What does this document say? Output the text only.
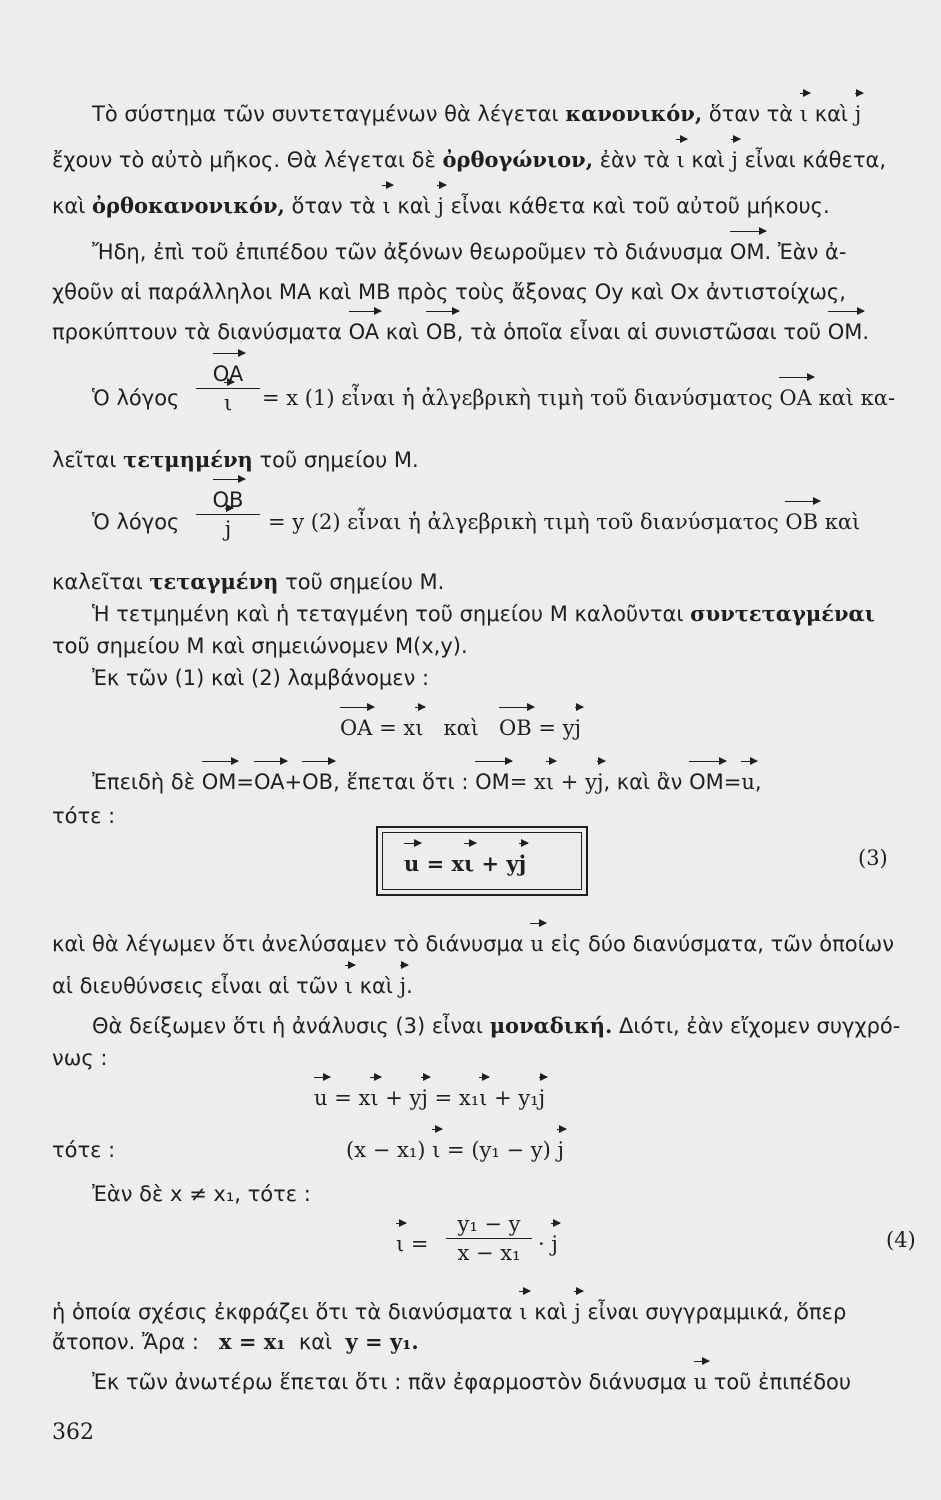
Τὸ σύστημα τῶν συντεταγμένων θὰ λέγεται κανονικόν, ὅταν τὰ ι καὶ j
ἔχουν τὸ αὐτὸ μῆκος. Θὰ λέγεται δὲ ὀρθογώνιον, ἐὰν τὰ ι καὶ j εἶναι κάθετα,
καὶ ὀρθοκανονικόν, ὅταν τὰ ι καὶ j εἶναι κάθετα καὶ τοῦ αὐτοῦ μήκους.
Ἤδη, ἐπὶ τοῦ ἐπιπέδου τῶν ἀξόνων θεωροῦμεν τὸ διάνυσμα OM. Ἐὰν ἀ-
χθοῦν αἱ παράλληλοι MA καὶ MB πρὸς τοὺς ἄξονας Oy καὶ Ox ἀντιστοίχως,
προκύπτουν τὰ διανύσματα OA καὶ OB, τὰ ὁποῖα εἶναι αἱ συνιστῶσαι τοῦ OM.
Ὁ λόγος
OA
ι	= x (1) εἶναι ἡ ἀλγεβρικὴ τιμὴ τοῦ διανύσματος OA καὶ κα-
λεῖται τετμημένη τοῦ σημείου M.
Ὁ λόγος
OB
j	= y (2) εἶναι ἡ ἀλγεβρικὴ τιμὴ τοῦ διανύσματος OB καὶ
καλεῖται τεταγμένη τοῦ σημείου M.
Ἡ τετμημένη καὶ ἡ τεταγμένη τοῦ σημείου M καλοῦνται συντεταγμέναι
τοῦ σημείου M καὶ σημειώνομεν M(x,y).
Ἐκ τῶν (1) καὶ (2) λαμβάνομεν :
OA = xι καὶ OB = yj
Ἐπειδὴ δὲ OM=OA+OB, ἕπεται ὅτι : OM= xι + yj, καὶ ἂν OM=u,
τότε :
u = xι + yj	(3)
καὶ θὰ λέγωμεν ὅτι ἀνελύσαμεν τὸ διάνυσμα u εἰς δύο διανύσματα, τῶν ὁποίων
αἱ διευθύνσεις εἶναι αἱ τῶν ι καὶ j.
Θὰ δείξωμεν ὅτι ἡ ἀνάλυσις (3) εἶναι μοναδική. Διότι, ἐὰν εἴχομεν συγχρό-
νως :
u = xι + yj = x₁ι + y₁j
τότε :	(x − x₁) ι = (y₁ − y) j
Ἐὰν δὲ x ≠ x₁, τότε :
ι =
y₁ − y
x − x₁ · j	(4)
ἡ ὁποία σχέσις ἐκφράζει ὅτι τὰ διανύσματα ι καὶ j εἶναι συγγραμμικά, ὅπερ
ἄτοπον. Ἄρα : x = x₁ καὶ y = y₁.
Ἐκ τῶν ἀνωτέρω ἕπεται ὅτι : πᾶν ἐφαρμοστὸν διάνυσμα u τοῦ ἐπιπέδου
362
